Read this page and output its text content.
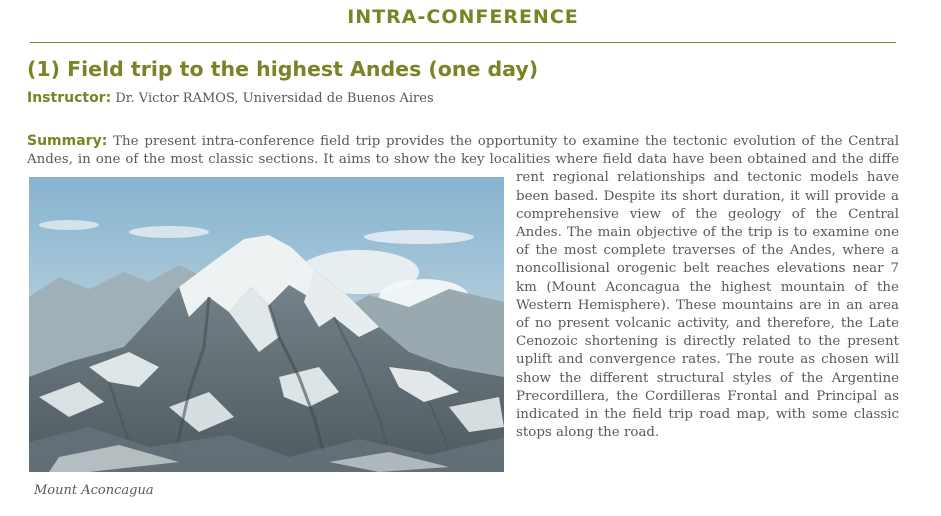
INTRA-CONFERENCE
(1) Field trip to the highest Andes (one day)
Instructor: Dr. Victor RAMOS, Universidad de Buenos Aires

Summary: The present intra-conference field trip provides the opportunity to examine the tectonic evolution of the Central Andes, in one of the most classic sections. It aims to show the key localities where field data have been obtained and the diffe
rent regional relationships and tectonic models have been based. Despite its short duration, it will provide a comprehensive view of the geology of the Central Andes. The main objective of the trip is to examine one of the most complete traverses of the Andes, where a noncollisional orogenic belt reaches elevations near 7 km (Mount Aconcagua the highest mountain of the Western Hemisphere). These mountains are in an area of no present volcanic activity, and therefore, the Late Cenozoic shortening is directly related to the present uplift and convergence rates. The route as chosen will show the different structural styles of the Argentine Precordillera, the Cordilleras Frontal and Principal as indicated in the field trip road map, with some classic stops along the road.

Mount Aconcagua
